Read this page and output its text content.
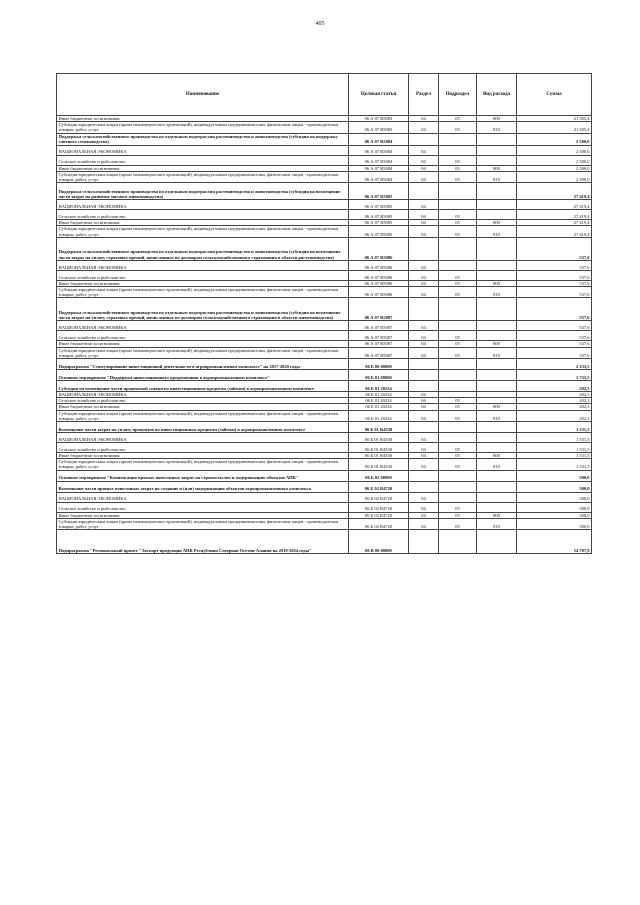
405
Наименование	Целевая статья	Раздел	Подраздел	Вид расхода	Сумма
Иные бюджетные ассигнования	06 А 07 R5083	04	05	800	21 505,4
Субсидии юридическим лицам (кроме некоммерческих организаций), индивидуальным предпринимателям, физическим лицам - производителям товаров, работ, услуг	06 А 07 R5083	04	05	810	21 505,4
Поддержка сельскохозяйственного производства по отдельным подотраслям растениеводства и животноводства (субсидия на поддержку элитного семеноводства)	06 А 07 R5084				2 500,0
НАЦИОНАЛЬНАЯ ЭКОНОМИКА	06 А 07 R5084	04			2 500,0
Сельское хозяйство и рыболовство	06 А 07 R5084	04	05		2 500,0
Иные бюджетные ассигнования	06 А 07 R5084	04	05	800	2 500,0
Субсидии юридическим лицам (кроме некоммерческих организаций), индивидуальным предпринимателям, физическим лицам - производителям товаров, работ, услуг	06 А 07 R5084	04	05	810	2 500,0
Поддержка сельскохозяйственного производства по отдельным подотраслям растениеводства и животноводства (субсидия на возмещение части затрат на развитие мясного животноводства)	06 А 07 R5085				27 419,4
НАЦИОНАЛЬНАЯ ЭКОНОМИКА	06 А 07 R5085	04			27 419,4
Сельское хозяйство и рыболовство	06 А 07 R5085	04	05		27 419,4
Иные бюджетные ассигнования	06 А 07 R5085	04	05	800	27 419,4
Субсидии юридическим лицам (кроме некоммерческих организаций), индивидуальным предпринимателям, физическим лицам - производителям товаров, работ, услуг	06 А 07 R5085	04	05	810	27 419,4
Поддержка сельскохозяйственного производства по отдельным подотраслям растениеводства и животноводства (субсидия на возмещение части затрат на уплату страховых премий, начисленных по договорам сельскохозяйственного страхования в области растениеводства)	06 А 07 R5086				537,6
НАЦИОНАЛЬНАЯ ЭКОНОМИКА	06 А 07 R5086	04			537,6
Сельское хозяйство и рыболовство	06 А 07 R5086	04	05		537,6
Иные бюджетные ассигнования	06 А 07 R5086	04	05	800	537,6
Субсидии юридическим лицам (кроме некоммерческих организаций), индивидуальным предпринимателям, физическим лицам - производителям товаров, работ, услуг	06 А 07 R5086	04	05	810	537,6
Поддержка сельскохозяйственного производства по отдельным подотраслям растениеводства и животноводства (субсидия на возмещение части затрат на уплату страховых премий, начисленных по договорам сельскохозяйственного страхования в области животноводства)	06 А 07 R5087				537,6
НАЦИОНАЛЬНАЯ ЭКОНОМИКА	06 А 07 R5087	04			537,6
Сельское хозяйство и рыболовство	06 А 07 R5087	04	05		537,6
Иные бюджетные ассигнования	06 А 07 R5087	04	05	800	537,6
Субсидии юридическим лицам (кроме некоммерческих организаций), индивидуальным предпринимателям, физическим лицам - производителям товаров, работ, услуг	06 А 07 R5087	04	05	810	537,6
Подпрограмма "Стимулирование инвестиционной деятельности в агропромышленном комплексе" на 2017-2020 годы	06 Б 00 00000				2 233,5
Основное мероприятие "Поддержка инвестиционного кредитования в агропромышленном комплексе"	06 Б 01 00000				1 733,5
Субсидии на возмещение части процентной ставки по инвестиционным кредитам (займам) в агропромышленном комплексе	06 Б 01 20234				202,3
НАЦИОНАЛЬНАЯ ЭКОНОМИКА	06 Б 01 20234	04			202,3
Сельское хозяйство и рыболовство	06 Б 01 20234	04	05		202,3
Иные бюджетные ассигнования	06 Б 01 20234	04	05	800	202,3
Субсидии юридическим лицам (кроме некоммерческих организаций), индивидуальным предпринимателям, физическим лицам - производителям товаров, работ, услуг	06 Б 01 20234	04	05	810	202,3
Возмещение части затрат на уплату процентов по инвестиционным кредитам (займам) в агропромышленном комплексе	06 Б 01 R4330				1 531,5
НАЦИОНАЛЬНАЯ ЭКОНОМИКА	06 Б 01 R4330	04			1 531,5
Сельское хозяйство и рыболовство	06 Б 01 R4330	04	05		1 531,5
Иные бюджетные ассигнования	06 Б 01 R4330	04	05	800	1 531,5
Субсидии юридическим лицам (кроме некоммерческих организаций), индивидуальным предпринимателям, физическим лицам - производителям товаров, работ, услуг	06 Б 01 R4330	04	05	810	1 531,5
Основное мероприятие "Компенсация прямых понесенных затрат на строительство и модернизацию объектов АПК"	06 Б 02 00000				500,0
Возмещение части прямых понесенных затрат на создание и (или) модернизацию объектов агропромышленного комплекса	06 Б 02 R4720				500,0
НАЦИОНАЛЬНАЯ ЭКОНОМИКА	06 Б 02 R4720	04			500,0
Сельское хозяйство и рыболовство	06 Б 02 R4720	04	05		500,0
Иные бюджетные ассигнования	06 Б 02 R4720	04	05	800	500,0
Субсидии юридическим лицам (кроме некоммерческих организаций), индивидуальным предпринимателям, физическим лицам - производителям товаров, работ, услуг	06 Б 02 R4720	04	05	810	500,0
Подпрограмма "Региональный проект "Экспорт продукции АПК Республики Северная Осетия-Алания на 2019-2024 годы"	06 В 00 00000				14 707,9
